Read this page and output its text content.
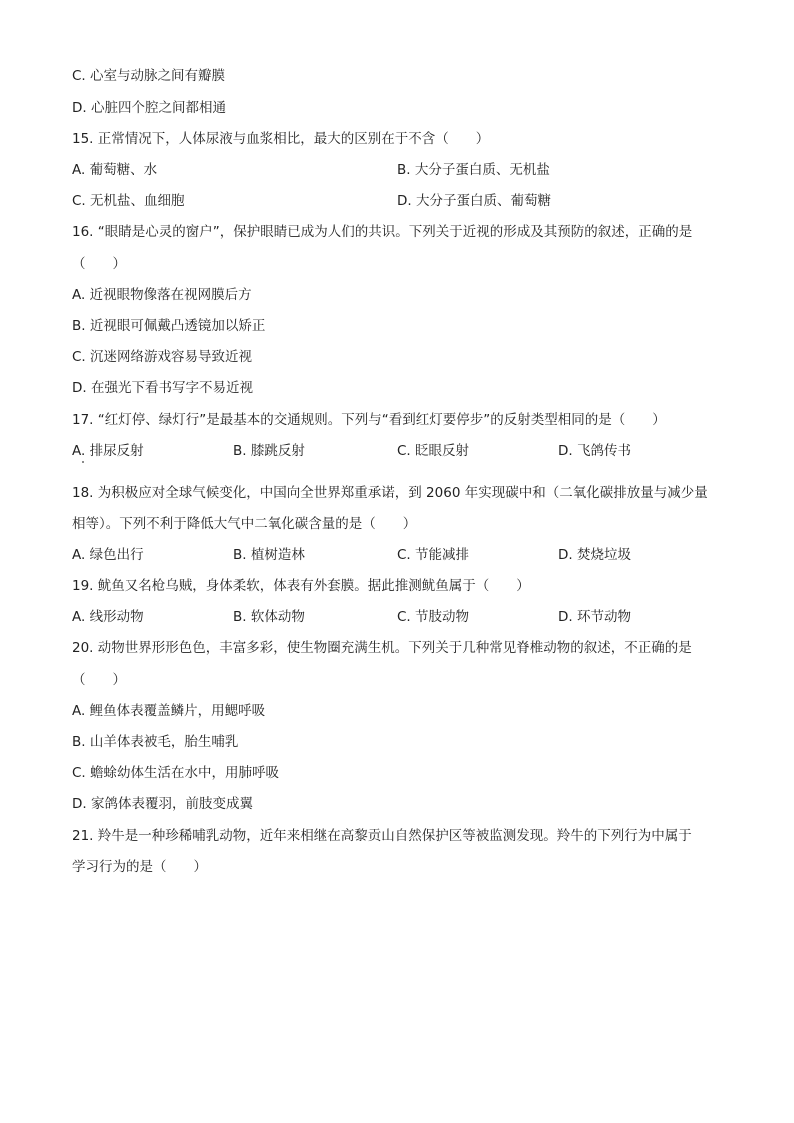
C. 心室与动脉之间有瓣膜
D. 心脏四个腔之间都相通
15. 正常情况下，人体尿液与血浆相比，最大的区别在于不含（　　）
A. 葡萄糖、水	B. 大分子蛋白质、无机盐
C. 无机盐、血细胞	D. 大分子蛋白质、葡萄糖
16. “眼睛是心灵的窗户”，保护眼睛已成为人们的共识。下列关于近视的形成及其预防的叙述，正确的是
（　　）
A. 近视眼物像落在视网膜后方
B. 近视眼可佩戴凸透镜加以矫正
C. 沉迷网络游戏容易导致近视
D. 在强光下看书写字不易近视
17. “红灯停、绿灯行”是最基本的交通规则。下列与“看到红灯要停步”的反射类型相同的是（　　）
A. 排尿反射	B. 膝跳反射	C. 眨眼反射	D. 飞鸽传书
18. 为积极应对全球气候变化，中国向全世界郑重承诺，到 2060 年实现碳中和（二氧化碳排放量与减少量
相等）。下列不利于降低大气中二氧化碳含量的是（　　）
A. 绿色出行	B. 植树造林	C. 节能减排	D. 焚烧垃圾
19. 鱿鱼又名枪乌贼，身体柔软，体表有外套膜。据此推测鱿鱼属于（　　）
A. 线形动物	B. 软体动物	C. 节肢动物	D. 环节动物
20. 动物世界形形色色，丰富多彩，使生物圈充满生机。下列关于几种常见脊椎动物的叙述，不正确的是
（　　）
A. 鲤鱼体表覆盖鳞片，用鳃呼吸
B. 山羊体表被毛，胎生哺乳
C. 蟾蜍幼体生活在水中，用肺呼吸
D. 家鸽体表覆羽，前肢变成翼
21. 羚牛是一种珍稀哺乳动物，近年来相继在高黎贡山自然保护区等被监测发现。羚牛的下列行为中属于
学习行为的是（　　）
